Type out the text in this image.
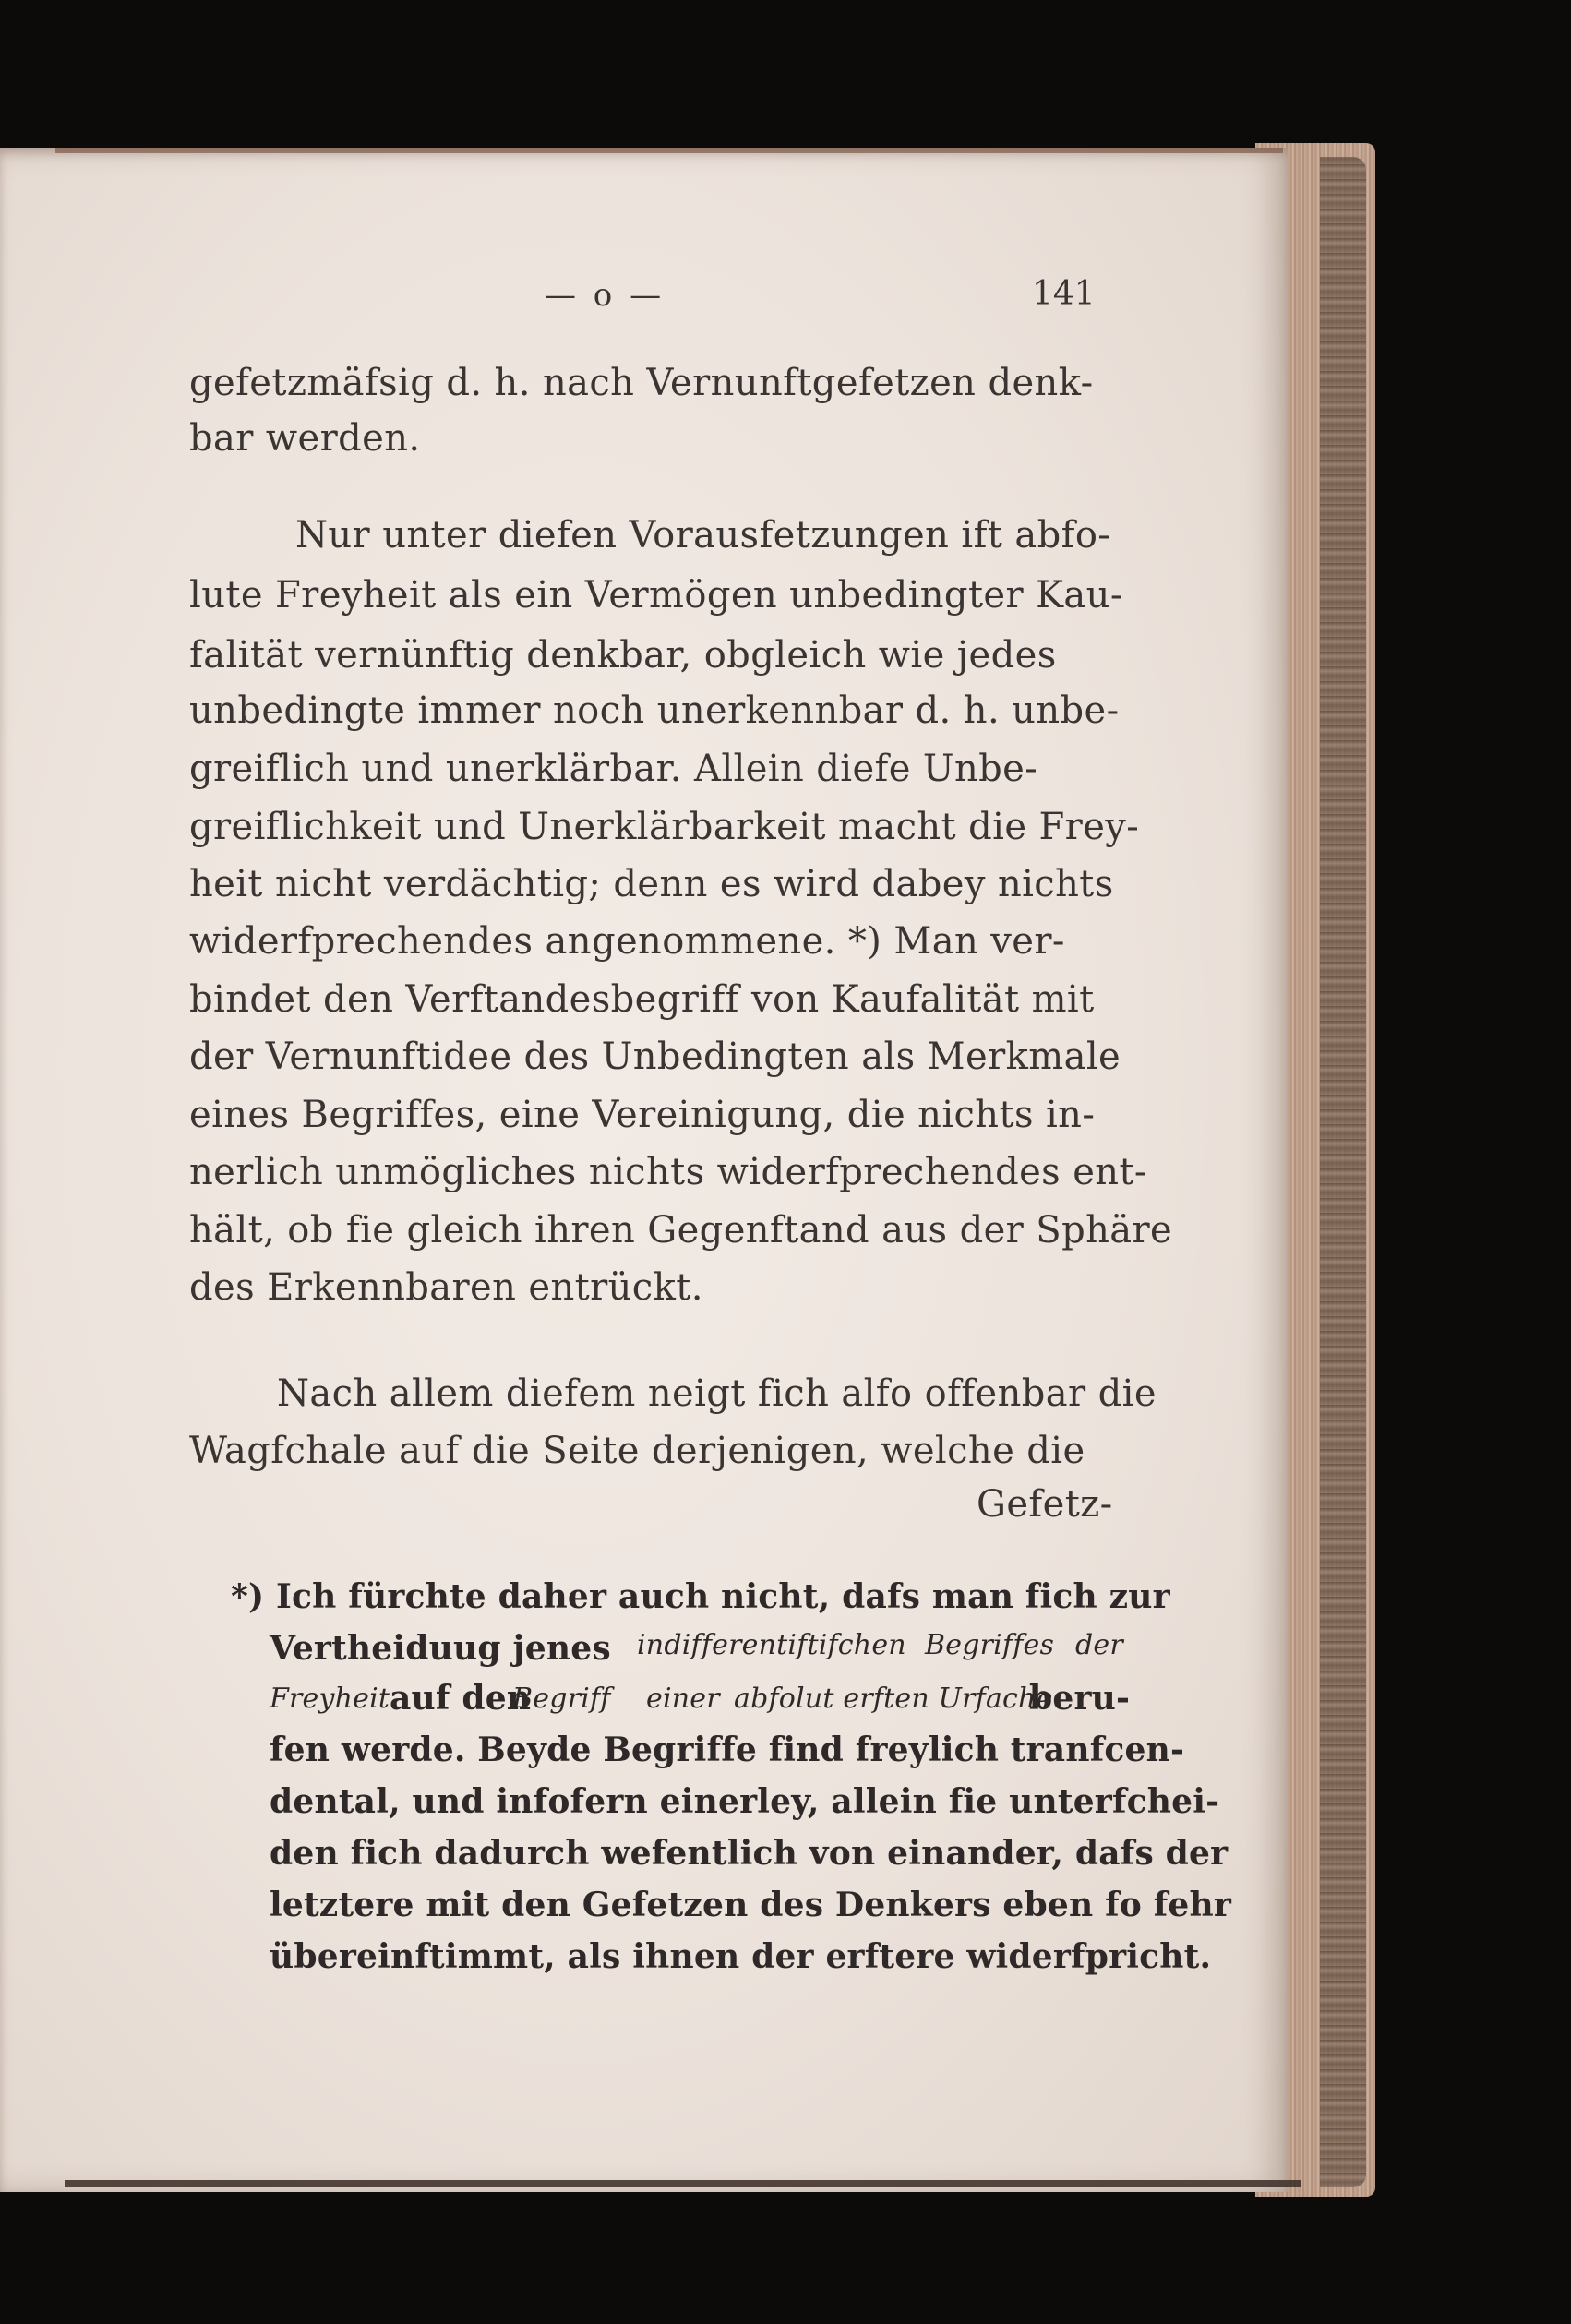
— o —	141
gefetzmäfsig d. h. nach Vernunftgefetzen denk-
bar werden.
Nur unter diefen Vorausfetzungen ift abfo-
lute Freyheit als ein Vermögen unbedingter Kau-
falität vernünftig denkbar, obgleich wie jedes
unbedingte immer noch unerkennbar d. h. unbe-
greiflich und unerklärbar. Allein diefe Unbe-
greiflichkeit und Unerklärbarkeit macht die Frey-
heit nicht verdächtig; denn es wird dabey nichts
widerfprechendes angenommene. *) Man ver-
bindet den Verftandesbegriff von Kaufalität mit
der Vernunftidee des Unbedingten als Merkmale
eines Begriffes, eine Vereinigung, die nichts in-
nerlich unmögliches nichts widerfprechendes ent-
hält, ob fie gleich ihren Gegenftand aus der Sphäre
des Erkennbaren entrückt.
Nach allem diefem neigt fich alfo offenbar die
Wagfchale auf die Seite derjenigen, welche die
Gefetz-
*) Ich fürchte daher auch nicht, dafs man fich zur
Vertheiduug jenes indifferentiftifchen Begriffes der
Freyheit auf den
Begriff einer abfolut erften Urfache
beru-
fen werde. Beyde Begriffe find freylich tranfcen-
dental, und infofern einerley, allein fie unterfchei-
den fich dadurch wefentlich von einander, dafs der
letztere mit den Gefetzen des Denkers eben fo fehr
übereinftimmt, als ihnen der erftere widerfpricht.
